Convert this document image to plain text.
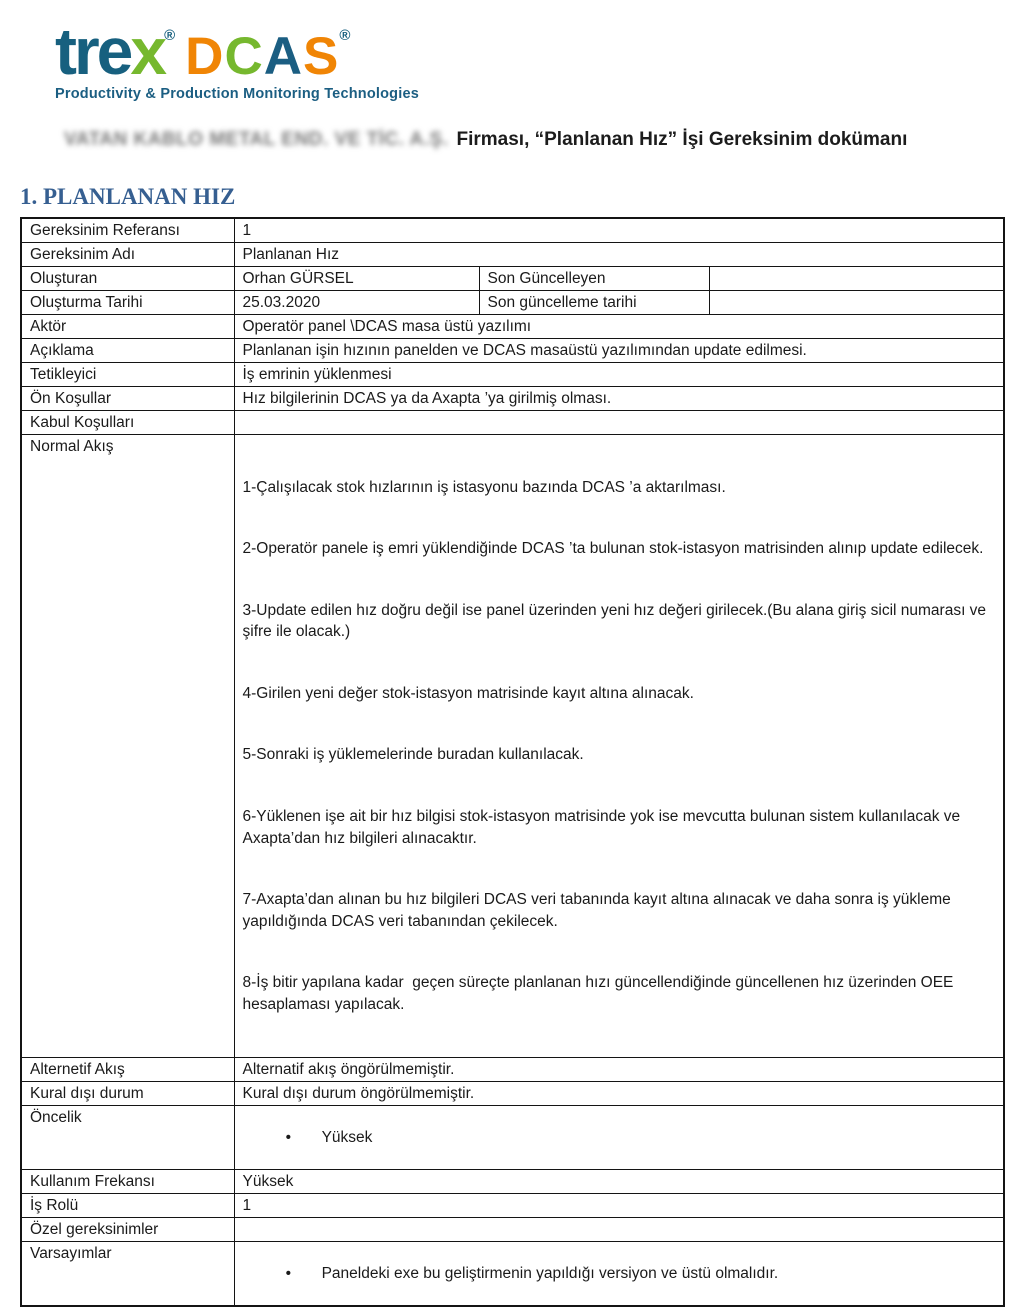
tre x ® D C A S ®
Productivity & Production Monitoring Technologies
VATAN KABLO METAL END. VE TİC. A.Ş. Firması, “Planlanan Hız” İşi Gereksinim dokümanı
1. PLANLANAN HIZ
Gereksinim Referansı	1		
Gereksinim Adı	Planlanan Hız		
Oluşturan	Orhan GÜRSEL	Son Güncelleyen	
Oluşturma Tarihi	25.03.2020	Son güncelleme tarihi	
Aktör	Operatör panel \DCAS masa üstü yazılımı		
Açıklama	Planlanan işin hızının panelden ve DCAS masaüstü yazılımından update edilmesi.		
Tetikleyici	İş emrinin yüklenmesi		
Ön Koşullar	Hız bilgilerinin DCAS ya da Axapta ’ya girilmiş olması.		
Kabul Koşulları			
Normal Akış	

1-Çalışılacak stok hızlarının iş istasyonu bazında DCAS ’a aktarılması.

2-Operatör panele iş emri yüklendiğinde DCAS ’ta bulunan stok-istasyon matrisinden alınıp update edilecek.

3-Update edilen hız doğru değil ise panel üzerinden yeni hız değeri girilecek.(Bu alana giriş sicil numarası ve şifre ile olacak.)

4-Girilen yeni değer stok-istasyon matrisinde kayıt altına alınacak.

5-Sonraki iş yüklemelerinde buradan kullanılacak.

6-Yüklenen işe ait bir hız bilgisi stok-istasyon matrisinde yok ise mevcutta bulunan sistem kullanılacak ve Axapta’dan hız bilgileri alınacaktır.

7-Axapta’dan alınan bu hız bilgileri DCAS veri tabanında kayıt altına alınacak ve daha sonra iş yükleme yapıldığında DCAS veri tabanından çekilecek.

8-İş bitir yapılana kadar  geçen süreçte planlanan hızı güncellendiğinde güncellenen hız üzerinden OEE hesaplaması yapılacak.

Alternetif Akış	Alternatif akış öngörülmemiştir.		
Kural dışı durum	Kural dışı durum öngörülmemiştir.		
Öncelik	• Yüksek		

Kullanım Frekansı	Yüksek		
İş Rolü	1		
Özel gereksinimler			
Varsayımlar	• Paneldeki exe bu geliştirmenin yapıldığı versiyon ve üstü olmalıdır.		
